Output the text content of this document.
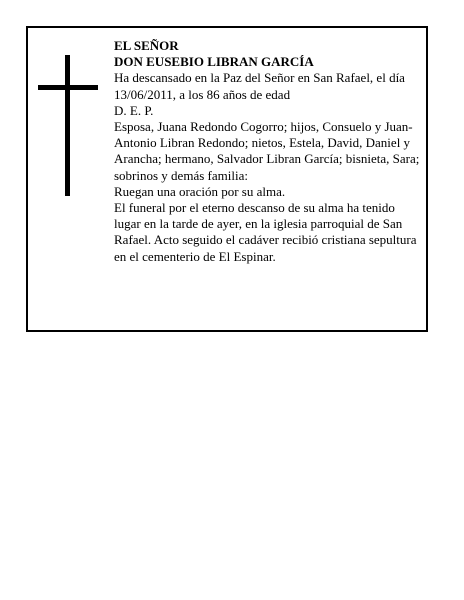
EL SEÑOR

DON EUSEBIO LIBRAN GARCÍA

Ha descansado en la Paz del Señor en San Rafael, el día 13/06/2011, a los 86 años de edad

D. E. P.

Esposa, Juana Redondo Cogorro; hijos, Consuelo y Juan-Antonio Libran Redondo; nietos, Estela, David, Daniel y Arancha; hermano, Salvador Libran García; bisnieta, Sara; sobrinos y demás familia:

Ruegan una oración por su alma.

El funeral por el eterno descanso de su alma ha tenido lugar en la tarde de ayer, en la iglesia parroquial de San Rafael. Acto seguido el cadáver recibió cristiana sepultura en el cementerio de El Espinar.
